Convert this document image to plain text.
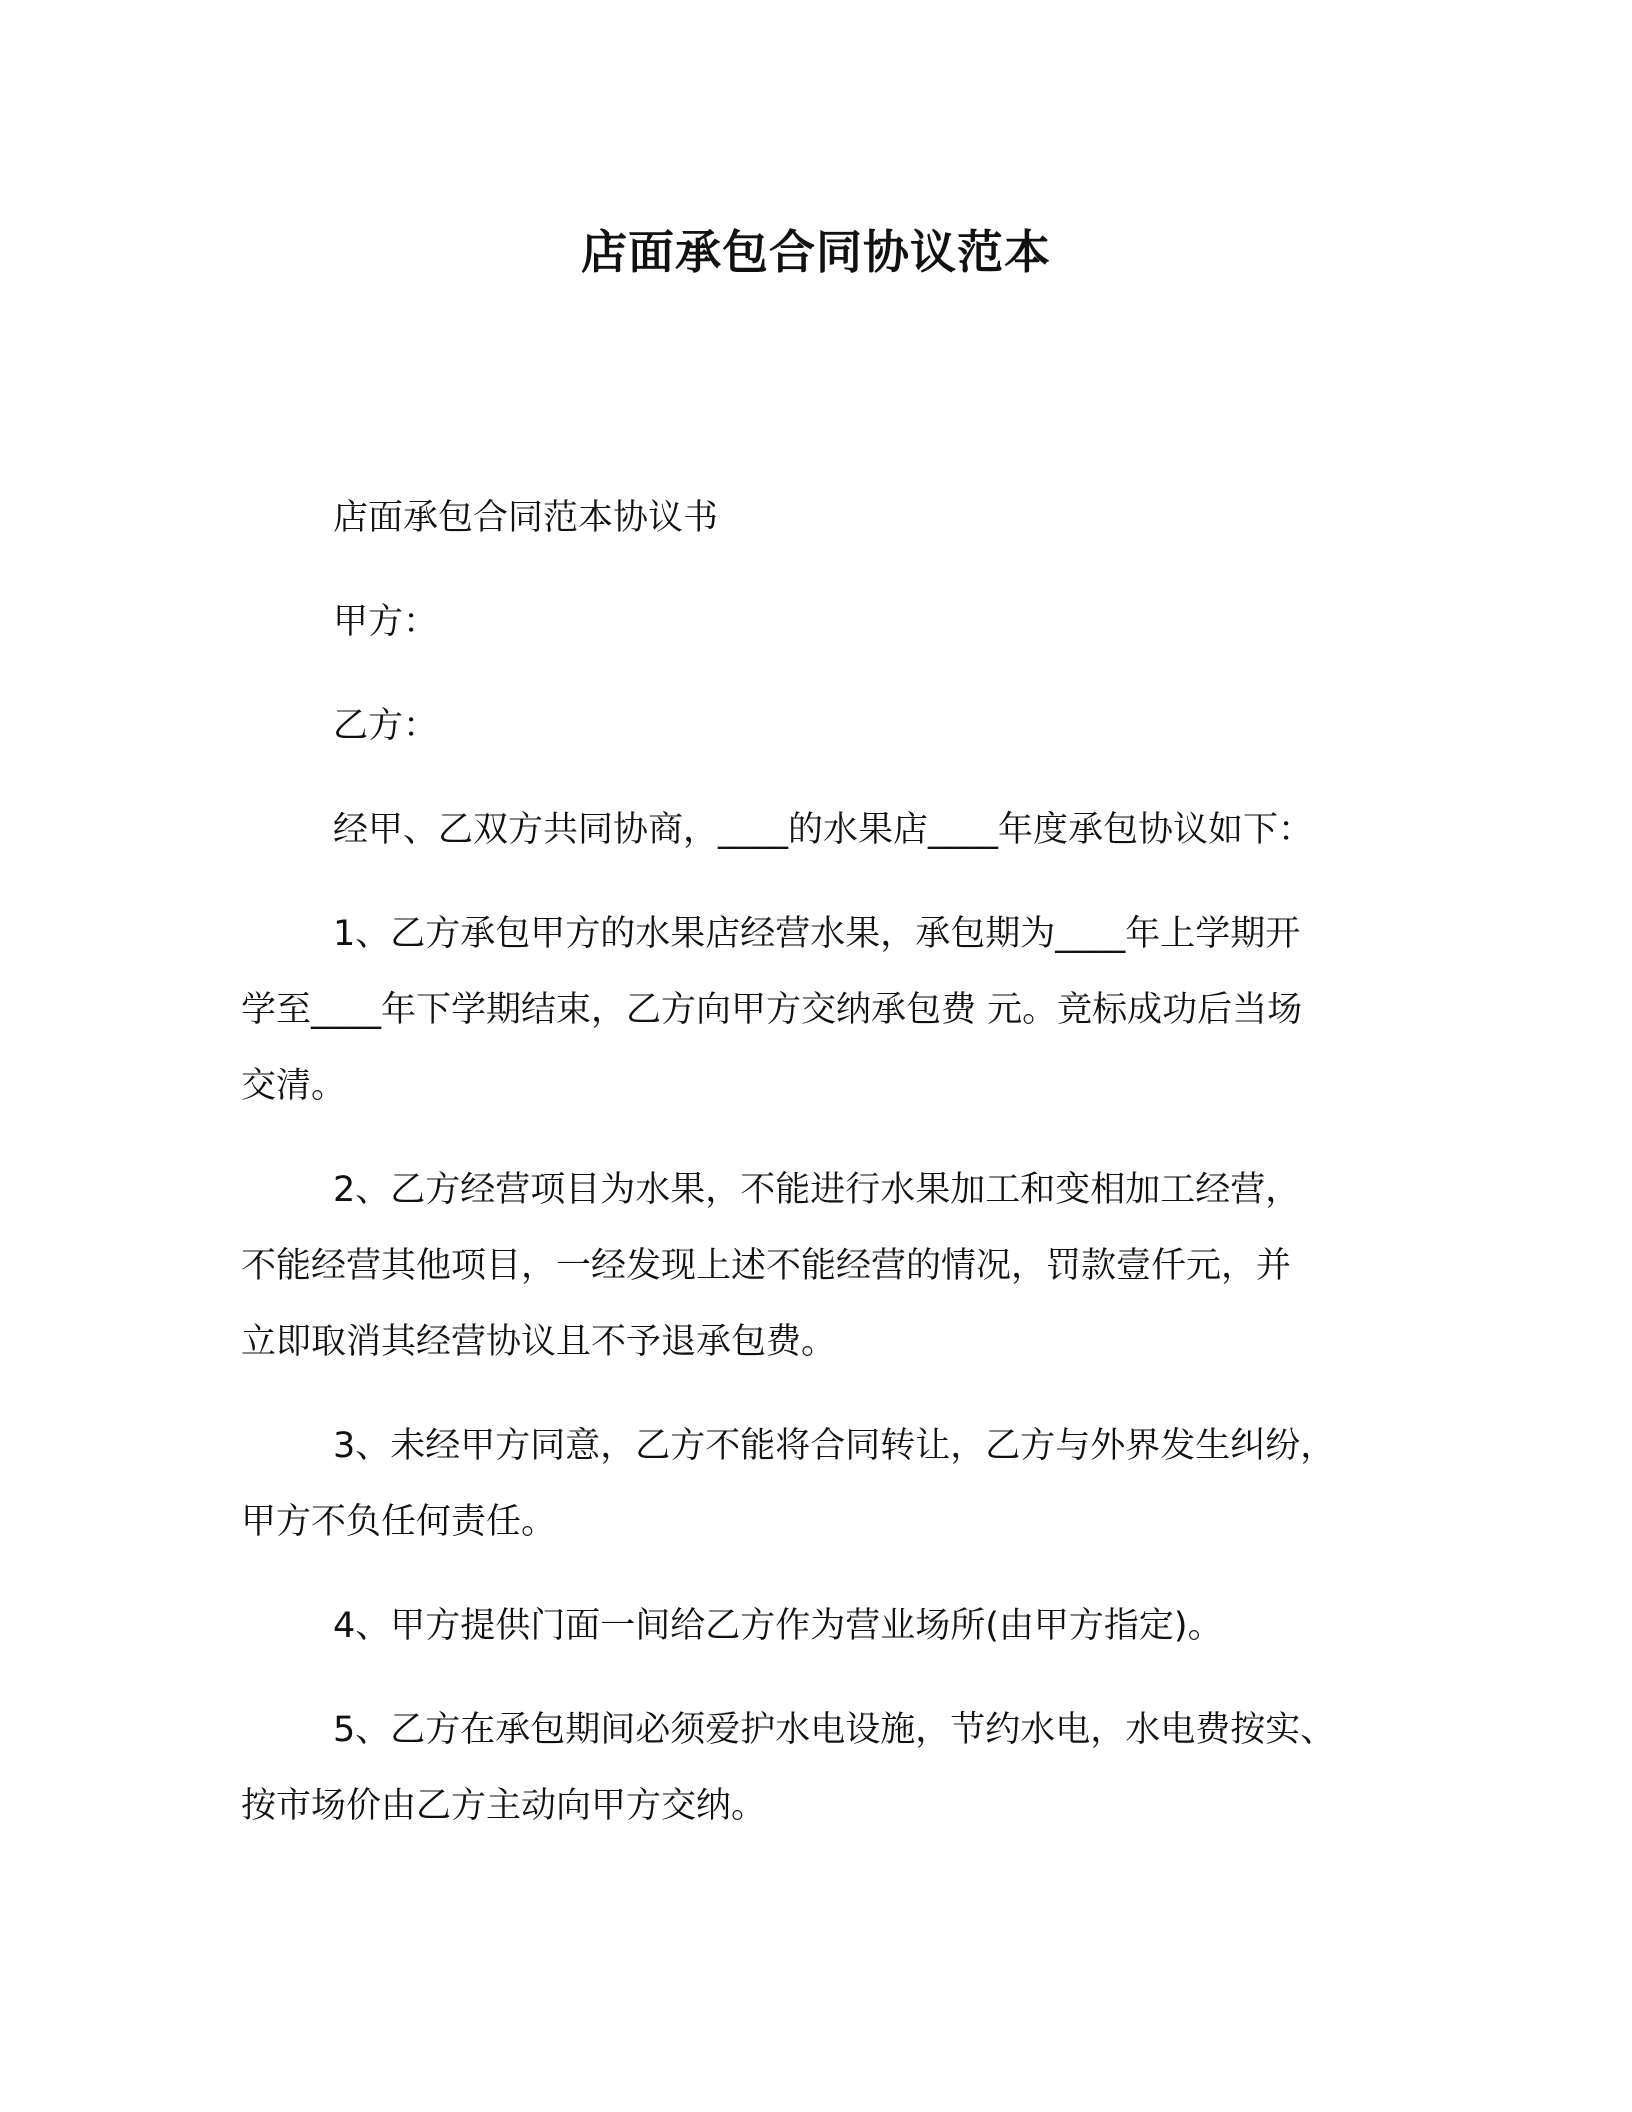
店面承包合同协议范本

店面承包合同范本协议书

甲方：

乙方：

经甲、乙双方共同协商，____的水果店____年度承包协议如下：

1、乙方承包甲方的水果店经营水果，承包期为____年上学期开

学至____年下学期结束，乙方向甲方交纳承包费 元。竞标成功后当场

交清。

2、乙方经营项目为水果，不能进行水果加工和变相加工经营，

不能经营其他项目，一经发现上述不能经营的情况，罚款壹仟元，并

立即取消其经营协议且不予退承包费。

3、未经甲方同意，乙方不能将合同转让，乙方与外界发生纠纷，

甲方不负任何责任。

4、甲方提供门面一间给乙方作为营业场所(由甲方指定)。

5、乙方在承包期间必须爱护水电设施，节约水电，水电费按实、

按市场价由乙方主动向甲方交纳。
